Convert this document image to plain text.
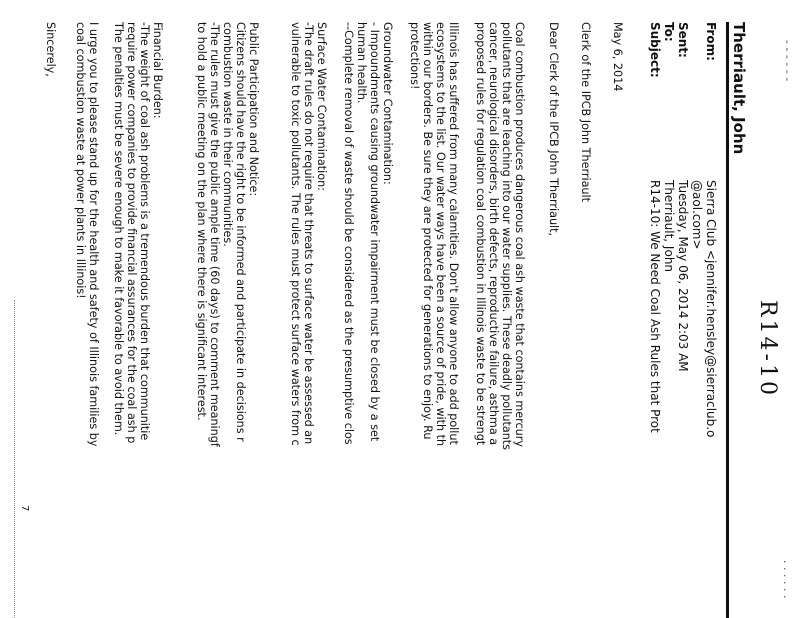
- - - - - -
. . . . . .
R14-10
Therriault, John
From:
Sierra Club <jennifer.hensley@sierraclub.o
@aol.com>
Sent:
Tuesday, May 06, 2014 2:03 AM
To:
Therriault, John
Subject:
R14-10: We Need Coal Ash Rules that Prot
May 6, 2014
Clerk of the IPCB John Therriault
Dear Clerk of the IPCB John Therriault,
Coal combustion produces dangerous coal ash waste that contains mercury
pollutants that are leaching into our water supplies. These deadly pollutants
cancer, neurological disorders, birth defects, reproductive failure, asthma a
proposed rules for regulation coal combustion in Illinois waste to be strengt
Illinois has suffered from many calamities. Don't allow anyone to add pollut
ecosystems to the list. Our water ways have been a source of pride, with th
within our borders. Be sure they are protected for generations to enjoy. Ru
protections!
Groundwater Contamination:
- Impoundments causing groundwater impairment must be closed by a set
human health.
--Complete removal of waste should be considered as the presumptive clos
Surface Water Contamination:
-The draft rules do not require that threats to surface water be assessed an
vulnerable to toxic pollutants. The rules must protect surface waters from c
Public Participation and Notice:
Citizens should have the right to be informed and participate in decisions r
combustion waste in their communities.
-The rules must give the public ample time (60 days) to comment meaningf
to hold a public meeting on the plan where there is significant interest.
Financial Burden:
-The weight of coal ash problems is a tremendous burden that communitie
require power companies to provide financial assurances for the coal ash p
The penalties must be severe enough to make it favorable to avoid them.
I urge you to please stand up for the health and safety of Illinois families by
coal combustion waste at power plants in Illinois!
Sincerely,
7
